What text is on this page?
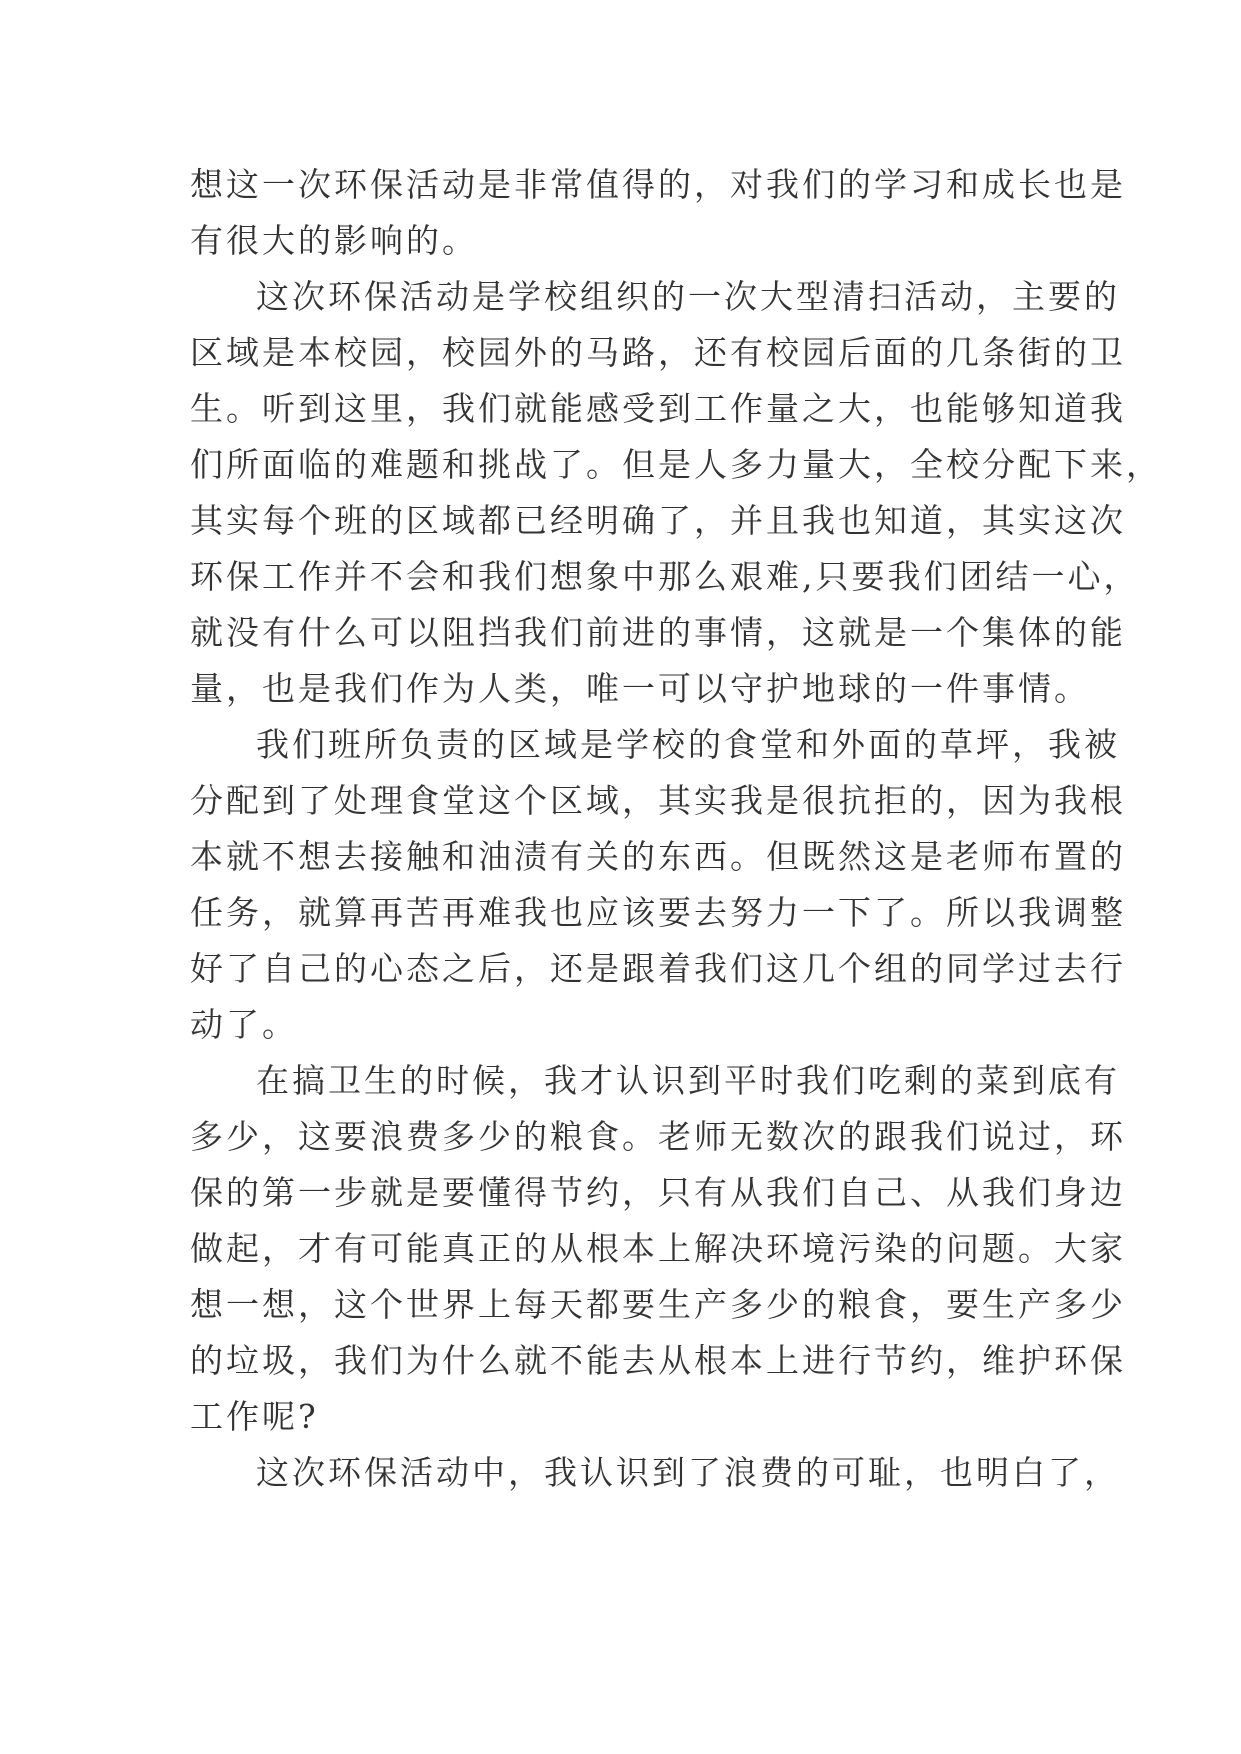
想这一次环保活动是非常值得的，对我们的学习和成长也是
有很大的影响的。
这次环保活动是学校组织的一次大型清扫活动，主要的
区域是本校园，校园外的马路，还有校园后面的几条街的卫
生。听到这里，我们就能感受到工作量之大，也能够知道我
们所面临的难题和挑战了。但是人多力量大，全校分配下来，
其实每个班的区域都已经明确了，并且我也知道，其实这次
环保工作并不会和我们想象中那么艰难,只要我们团结一心，
就没有什么可以阻挡我们前进的事情，这就是一个集体的能
量，也是我们作为人类，唯一可以守护地球的一件事情。
我们班所负责的区域是学校的食堂和外面的草坪，我被
分配到了处理食堂这个区域，其实我是很抗拒的，因为我根
本就不想去接触和油渍有关的东西。但既然这是老师布置的
任务，就算再苦再难我也应该要去努力一下了。所以我调整
好了自己的心态之后，还是跟着我们这几个组的同学过去行
动了。
在搞卫生的时候，我才认识到平时我们吃剩的菜到底有
多少，这要浪费多少的粮食。老师无数次的跟我们说过，环
保的第一步就是要懂得节约，只有从我们自己、从我们身边
做起，才有可能真正的从根本上解决环境污染的问题。大家
想一想，这个世界上每天都要生产多少的粮食，要生产多少
的垃圾，我们为什么就不能去从根本上进行节约，维护环保
工作呢?
这次环保活动中，我认识到了浪费的可耻，也明白了，
